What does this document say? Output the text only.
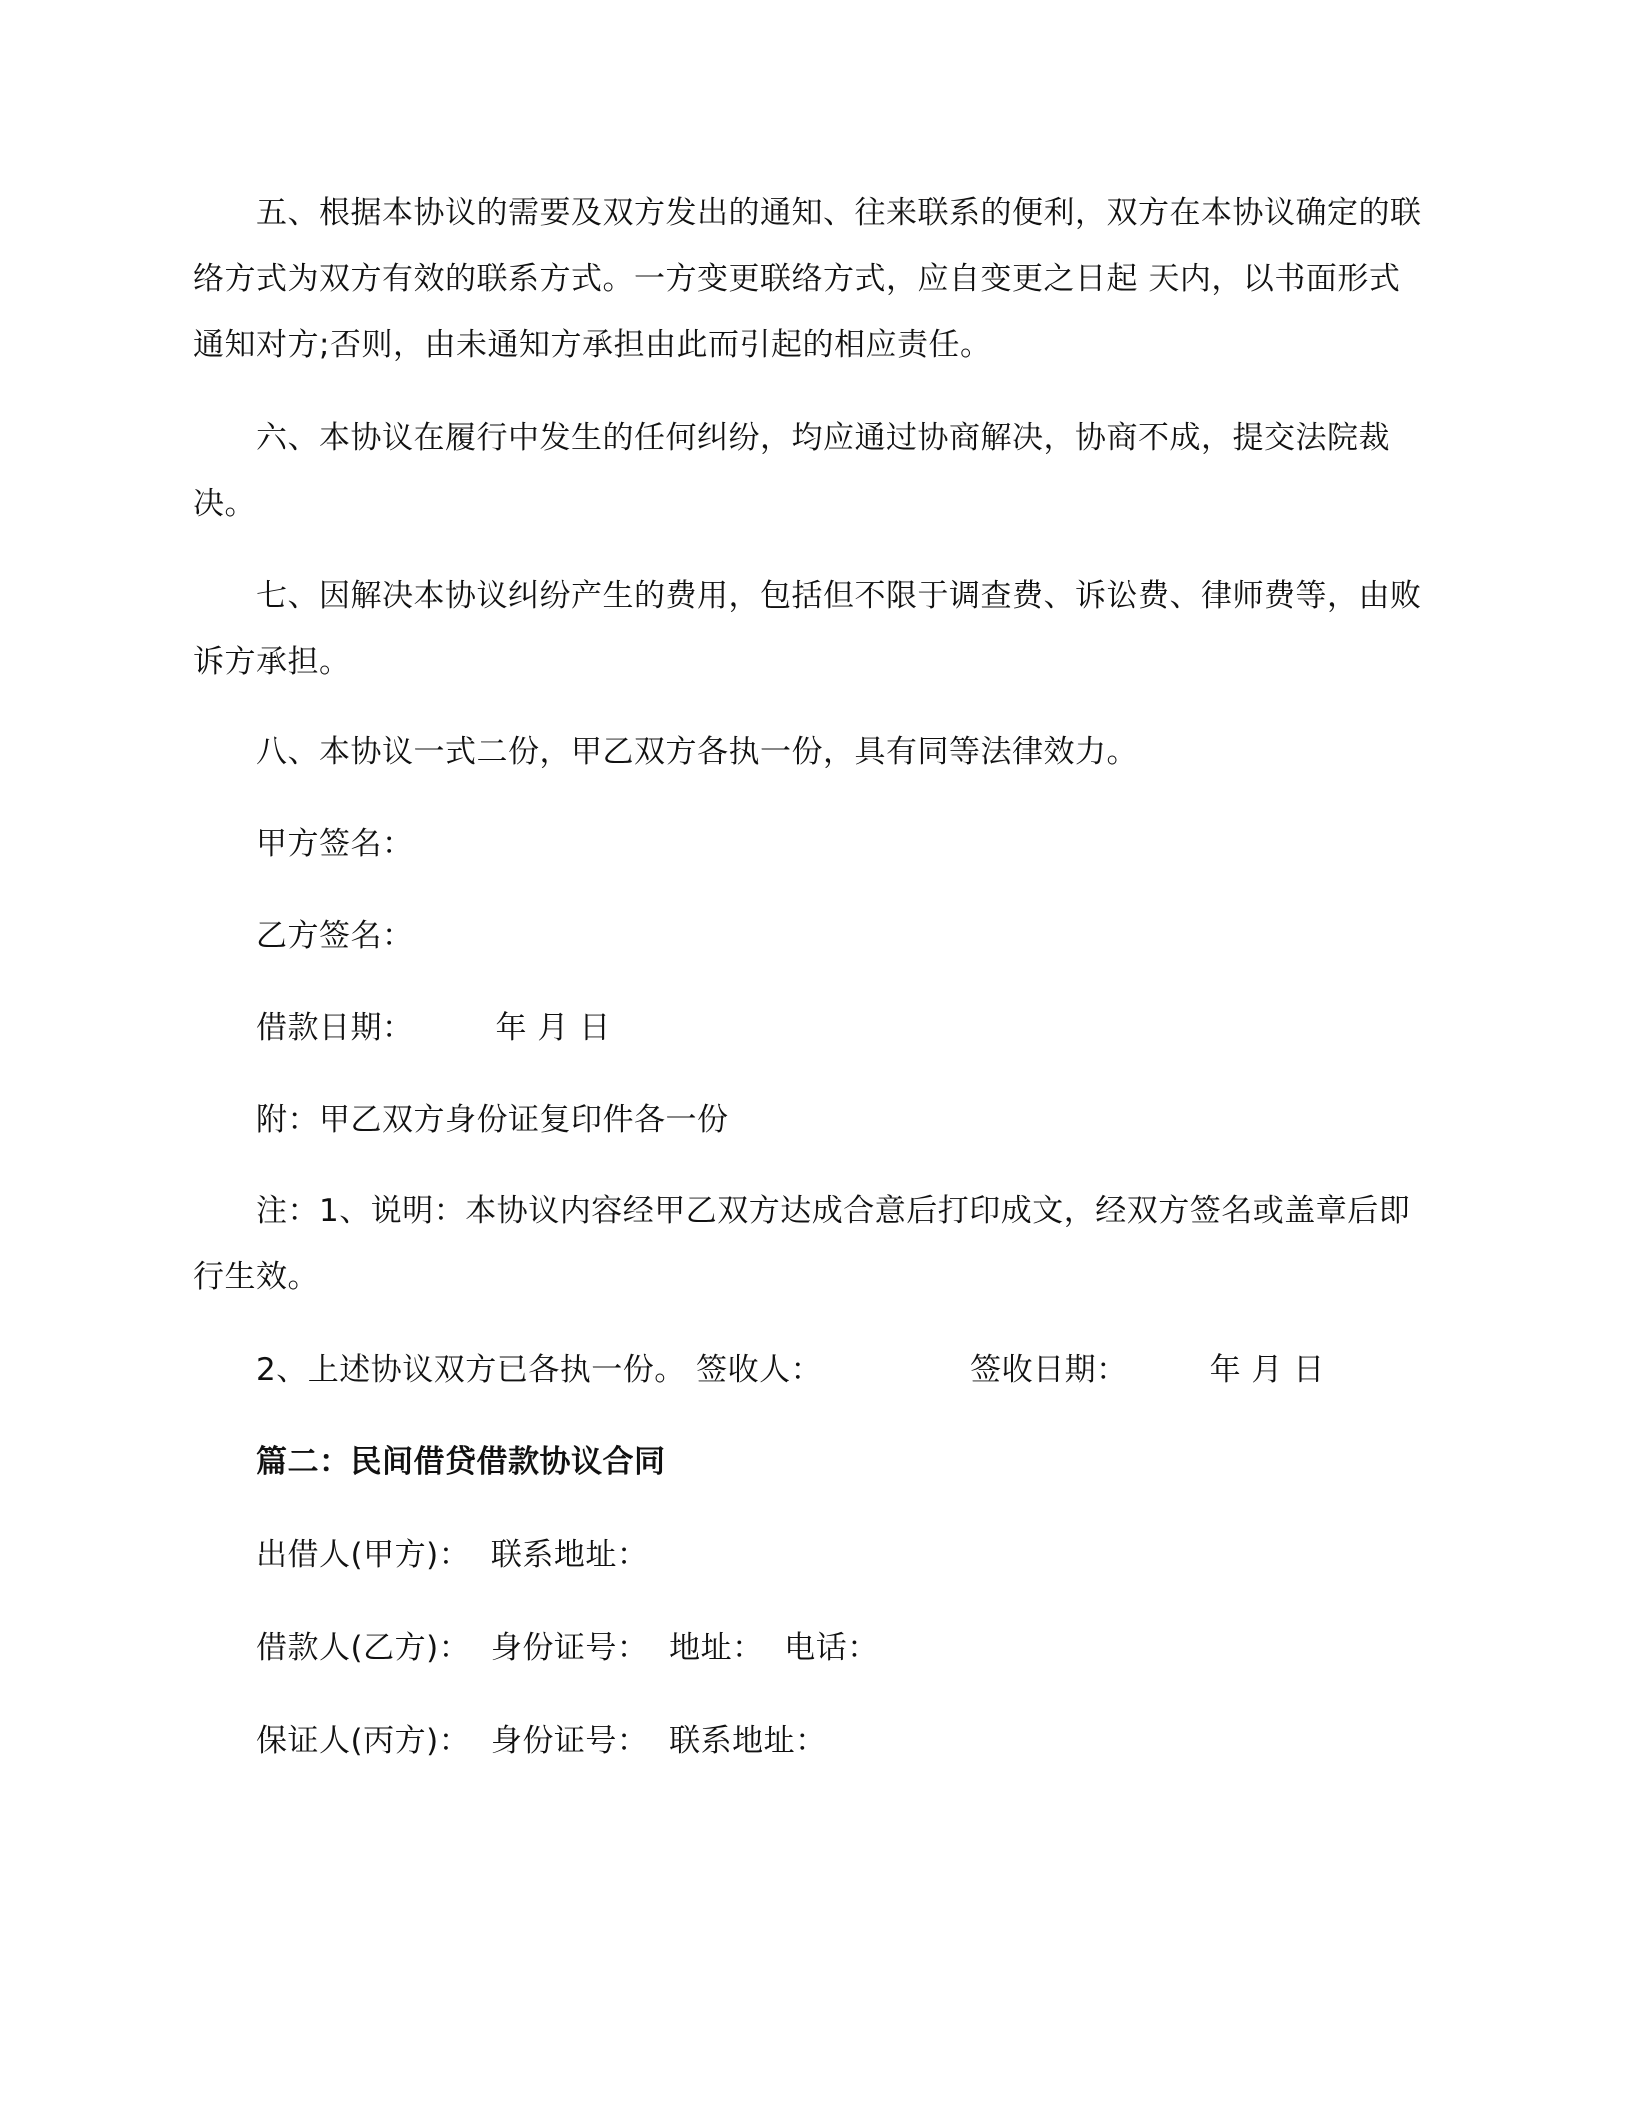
五、根据本协议的需要及双方发出的通知、往来联系的便利，双方在本协议确定的联络方式为双方有效的联系方式。一方变更联络方式，应自变更之日起 天内，以书面形式通知对方;否则，由未通知方承担由此而引起的相应责任。

六、本协议在履行中发生的任何纠纷，均应通过协商解决，协商不成，提交法院裁决。

七、因解决本协议纠纷产生的费用，包括但不限于调查费、诉讼费、律师费等，由败诉方承担。

八、本协议一式二份，甲乙双方各执一份，具有同等法律效力。

甲方签名：

乙方签名：

借款日期：	年 月 日

附：甲乙双方身份证复印件各一份

注：1、说明：本协议内容经甲乙双方达成合意后打印成文，经双方签名或盖章后即行生效。

2、上述协议双方已各执一份。 签收人：	签收日期：	年 月 日

篇二：民间借贷借款协议合同

出借人(甲方)：  联系地址：

借款人(乙方)：  身份证号：  地址：  电话：

保证人(丙方)：  身份证号：  联系地址：
